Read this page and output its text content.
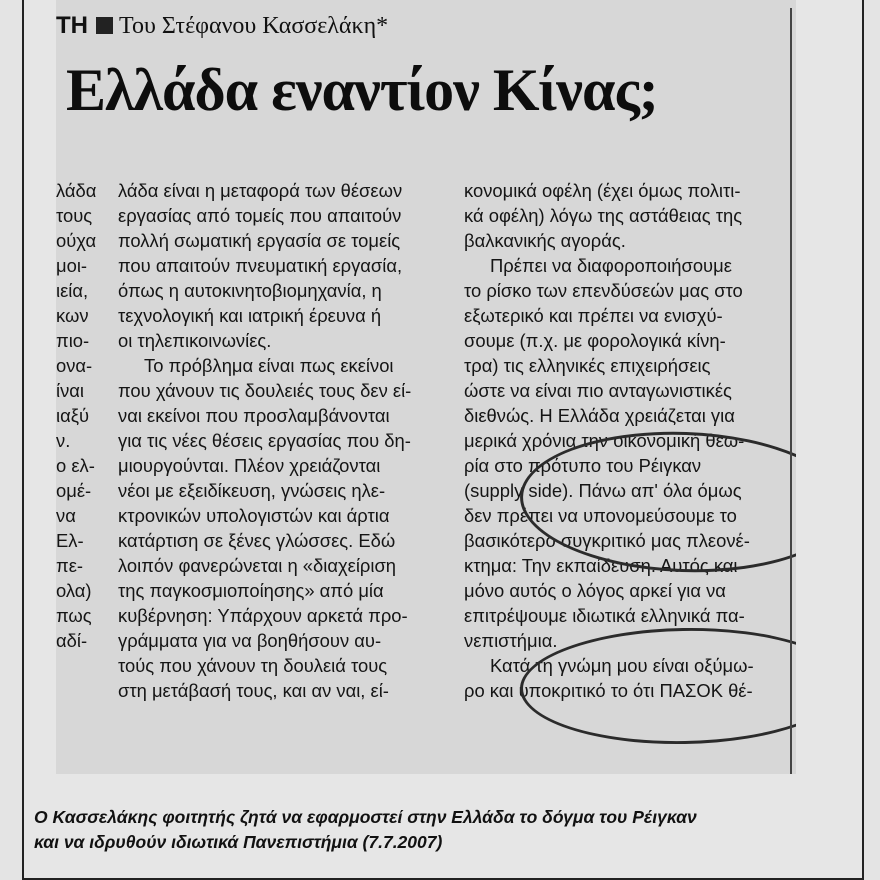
ΤΗ Του Στέφανου Κασσελάκη*
Ελλάδα εναντίον Κίνας;
λάδα
τους
ούχα
μοι-
ιεία,
κων
πιο-
ονα-
ίναι
ιαξύ
ν.
ο ελ-
ομέ-
να
Ελ-
πε-
ολα)
πως
αδί-
λάδα είναι η μεταφορά των θέσεων
εργασίας από τομείς που απαιτούν
πολλή σωματική εργασία σε τομείς
που απαιτούν πνευματική εργασία,
όπως η αυτοκινητοβιομηχανία, η
τεχνολογική και ιατρική έρευνα ή
οι τηλεπικοινωνίες.
Το πρόβλημα είναι πως εκείνοι
που χάνουν τις δουλειές τους δεν εί-
ναι εκείνοι που προσλαμβάνονται
για τις νέες θέσεις εργασίας που δη-
μιουργούνται. Πλέον χρειάζονται
νέοι με εξειδίκευση, γνώσεις ηλε-
κτρονικών υπολογιστών και άρτια
κατάρτιση σε ξένες γλώσσες. Εδώ
λοιπόν φανερώνεται η «διαχείριση
της παγκοσμιοποίησης» από μία
κυβέρνηση: Υπάρχουν αρκετά προ-
γράμματα για να βοηθήσουν αυ-
τούς που χάνουν τη δουλειά τους
στη μετάβασή τους, και αν ναι, εί-
κονομικά οφέλη (έχει όμως πολιτι-
κά οφέλη) λόγω της αστάθειας της
βαλκανικής αγοράς.
Πρέπει να διαφοροποιήσουμε
το ρίσκο των επενδύσεών μας στο
εξωτερικό και πρέπει να ενισχύ-
σουμε (π.χ. με φορολογικά κίνη-
τρα) τις ελληνικές επιχειρήσεις
ώστε να είναι πιο ανταγωνιστικές
διεθνώς. Η Ελλάδα χρειάζεται για
μερικά χρόνια την οικονομική θεω-
ρία στο πρότυπο του Ρέιγκαν
(supply side). Πάνω απ' όλα όμως
δεν πρέπει να υπονομεύσουμε το
βασικότερο συγκριτικό μας πλεονέ-
κτημα: Την εκπαίδευση. Αυτός και
μόνο αυτός ο λόγος αρκεί για να
επιτρέψουμε ιδιωτικά ελληνικά πα-
νεπιστήμια.
Κατά τη γνώμη μου είναι οξύμω-
ρο και υποκριτικό το ότι ΠΑΣΟΚ θέ-
Ο Κασσελάκης φοιτητής ζητά να εφαρμοστεί στην Ελλάδα το δόγμα του Ρέιγκαν
και να ιδρυθούν ιδιωτικά Πανεπιστήμια (7.7.2007)
